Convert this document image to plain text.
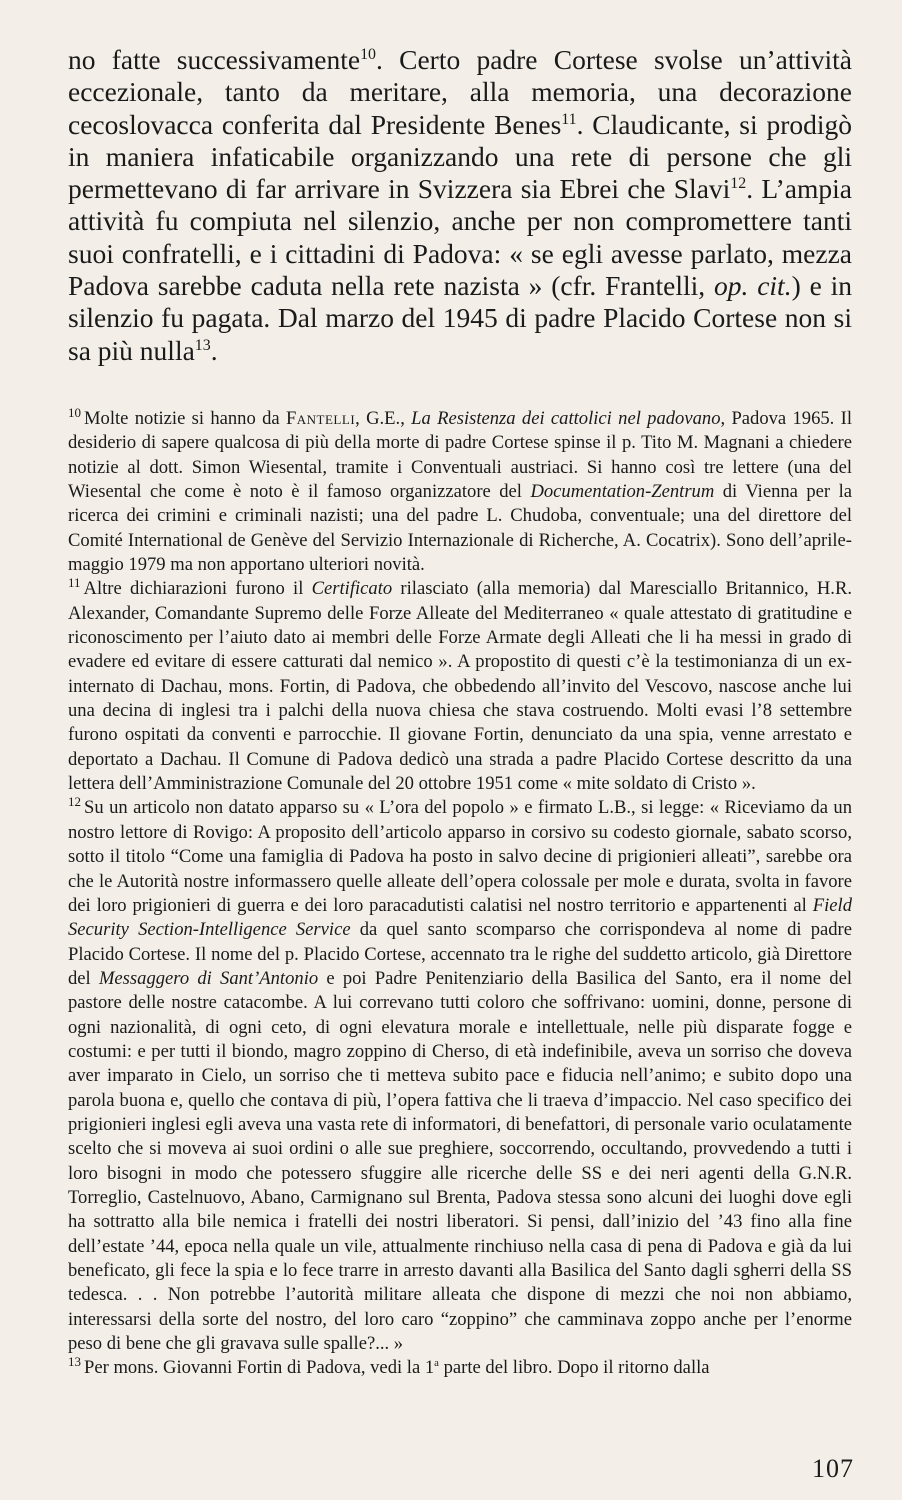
no fatte successivamente$^{10}$. Certo padre Cortese svolse un’attività eccezionale, tanto da meritare, alla memoria, una decorazione cecoslovacca conferita dal Presidente Benes$^{11}$. Claudicante, si prodigò in maniera infaticabile organizzando una rete di persone che gli permettevano di far arrivare in Svizzera sia Ebrei che Slavi$^{12}$. L’ampia attività fu compiuta nel silenzio, anche per non compromettere tanti suoi confratelli, e i cittadini di Padova: « se egli avesse parlato, mezza Padova sarebbe caduta nella rete nazista » (cfr. Frantelli, op. cit.) e in silenzio fu pagata. Dal marzo del 1945 di padre Placido Cortese non si sa più nulla$^{13}$.

$^{10}$ Molte notizie si hanno da Fantelli, G.E., La Resistenza dei cattolici nel padovano, Padova 1965. Il desiderio di sapere qualcosa di più della morte di padre Cortese spinse il p. Tito M. Magnani a chiedere notizie al dott. Simon Wiesental, tramite i Conventuali austriaci. Si hanno così tre lettere (una del Wiesental che come è noto è il famoso organizzatore del Documentation-Zentrum di Vienna per la ricerca dei crimini e criminali nazisti; una del padre L. Chudoba, conventuale; una del direttore del Comité International de Genève del Servizio Internazionale di Richerche, A. Cocatrix). Sono dell’aprile-maggio 1979 ma non apportano ulteriori novità.

$^{11}$ Altre dichiarazioni furono il Certificato rilasciato (alla memoria) dal Maresciallo Britannico, H.R. Alexander, Comandante Supremo delle Forze Alleate del Mediterraneo « quale attestato di gratitudine e riconoscimento per l’aiuto dato ai membri delle Forze Armate degli Alleati che li ha messi in grado di evadere ed evitare di essere catturati dal nemico ». A propostito di questi c’è la testimonianza di un ex-internato di Dachau, mons. Fortin, di Padova, che obbedendo all’invito del Vescovo, nascose anche lui una decina di inglesi tra i palchi della nuova chiesa che stava costruendo. Molti evasi l’8 settembre furono ospitati da conventi e parrocchie. Il giovane Fortin, denunciato da una spia, venne arrestato e deportato a Dachau. Il Comune di Padova dedicò una strada a padre Placido Cortese descritto da una lettera dell’Amministrazione Comunale del 20 ottobre 1951 come « mite soldato di Cristo ».

$^{12}$ Su un articolo non datato apparso su « L’ora del popolo » e firmato L.B., si legge: « Riceviamo da un nostro lettore di Rovigo: A proposito dell’articolo apparso in corsivo su codesto giornale, sabato scorso, sotto il titolo “Come una famiglia di Padova ha posto in salvo decine di prigionieri alleati”, sarebbe ora che le Autorità nostre informassero quelle alleate dell’opera colossale per mole e durata, svolta in favore dei loro prigionieri di guerra e dei loro paracadutisti calatisi nel nostro territorio e appartenenti al Field Security Section-Intelligence Service da quel santo scomparso che corrispondeva al nome di padre Placido Cortese. Il nome del p. Placido Cortese, accennato tra le righe del suddetto articolo, già Direttore del Messaggero di Sant’Antonio e poi Padre Penitenziario della Basilica del Santo, era il nome del pastore delle nostre catacombe. A lui correvano tutti coloro che soffrivano: uomini, donne, persone di ogni nazionalità, di ogni ceto, di ogni elevatura morale e intellettuale, nelle più disparate fogge e costumi: e per tutti il biondo, magro zoppino di Cherso, di età indefinibile, aveva un sorriso che doveva aver imparato in Cielo, un sorriso che ti metteva subito pace e fiducia nell’animo; e subito dopo una parola buona e, quello che contava di più, l’opera fattiva che li traeva d’impaccio. Nel caso specifico dei prigionieri inglesi egli aveva una vasta rete di informatori, di benefattori, di personale vario oculatamente scelto che si moveva ai suoi ordini o alle sue preghiere, soccorrendo, occultando, provvedendo a tutti i loro bisogni in modo che potessero sfuggire alle ricerche delle SS e dei neri agenti della G.N.R. Torreglio, Castelnuovo, Abano, Carmignano sul Brenta, Padova stessa sono alcuni dei luoghi dove egli ha sottratto alla bile nemica i fratelli dei nostri liberatori. Si pensi, dall’inizio del ’43 fino alla fine dell’estate ’44, epoca nella quale un vile, attualmente rinchiuso nella casa di pena di Padova e già da lui beneficato, gli fece la spia e lo fece trarre in arresto davanti alla Basilica del Santo dagli sgherri della SS tedesca. . . Non potrebbe l’autorità militare alleata che dispone di mezzi che noi non abbiamo, interessarsi della sorte del nostro, del loro caro “zoppino” che camminava zoppo anche per l’enorme peso di bene che gli gravava sulle spalle?... »

$^{13}$ Per mons. Giovanni Fortin di Padova, vedi la 1$^a$ parte del libro. Dopo il ritorno dalla

107
